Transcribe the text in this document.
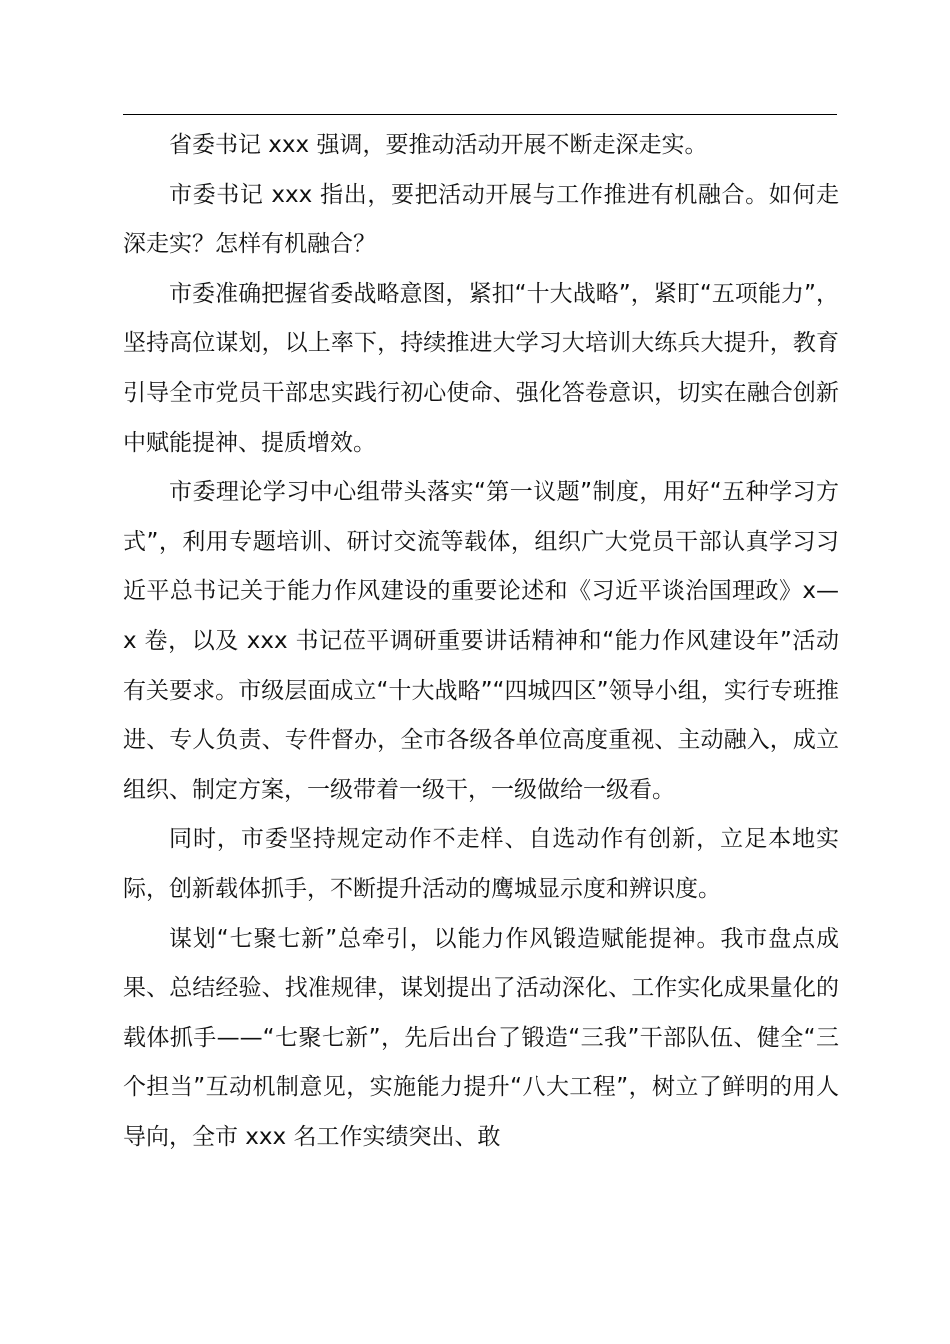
省委书记 xxx 强调，要推动活动开展不断走深走实。

市委书记 xxx 指出，要把活动开展与工作推进有机融合。如何走深走实？怎样有机融合？

市委准确把握省委战略意图，紧扣“十大战略”，紧盯“五项能力”，坚持高位谋划，以上率下，持续推进大学习大培训大练兵大提升，教育引导全市党员干部忠实践行初心使命、强化答卷意识，切实在融合创新中赋能提神、提质增效。

市委理论学习中心组带头落实“第一议题”制度，用好“五种学习方式”，利用专题培训、研讨交流等载体，组织广大党员干部认真学习习近平总书记关于能力作风建设的重要论述和《习近平谈治国理政》x—x 卷，以及 xxx 书记莅平调研重要讲话精神和“能力作风建设年”活动有关要求。市级层面成立“十大战略”“四城四区”领导小组，实行专班推进、专人负责、专件督办，全市各级各单位高度重视、主动融入，成立组织、制定方案，一级带着一级干，一级做给一级看。

同时，市委坚持规定动作不走样、自选动作有创新，立足本地实际，创新载体抓手，不断提升活动的鹰城显示度和辨识度。

谋划“七聚七新”总牵引，以能力作风锻造赋能提神。我市盘点成果、总结经验、找准规律，谋划提出了活动深化、工作实化成果量化的载体抓手——“七聚七新”，先后出台了锻造“三我”干部队伍、健全“三个担当”互动机制意见，实施能力提升“八大工程”，树立了鲜明的用人导向，全市 xxx 名工作实绩突出、敢
